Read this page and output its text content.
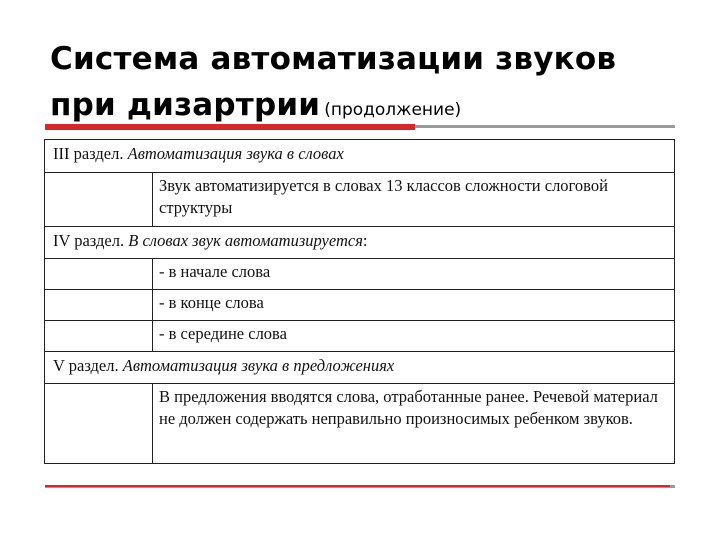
Система автоматизации звуков
при дизартрии (продолжение)
III раздел. Автоматизация звука в словах	
	Звук автоматизируется в словах 13 классов сложности слоговой структуры
IV раздел. В словах звук автоматизируется:	
	- в начале слова
	- в конце слова
	- в середине слова
V раздел. Автоматизация звука в предложениях	
	В предложения вводятся слова, отработанные ранее. Речевой материал не должен содержать неправильно произносимых ребенком звуков.
